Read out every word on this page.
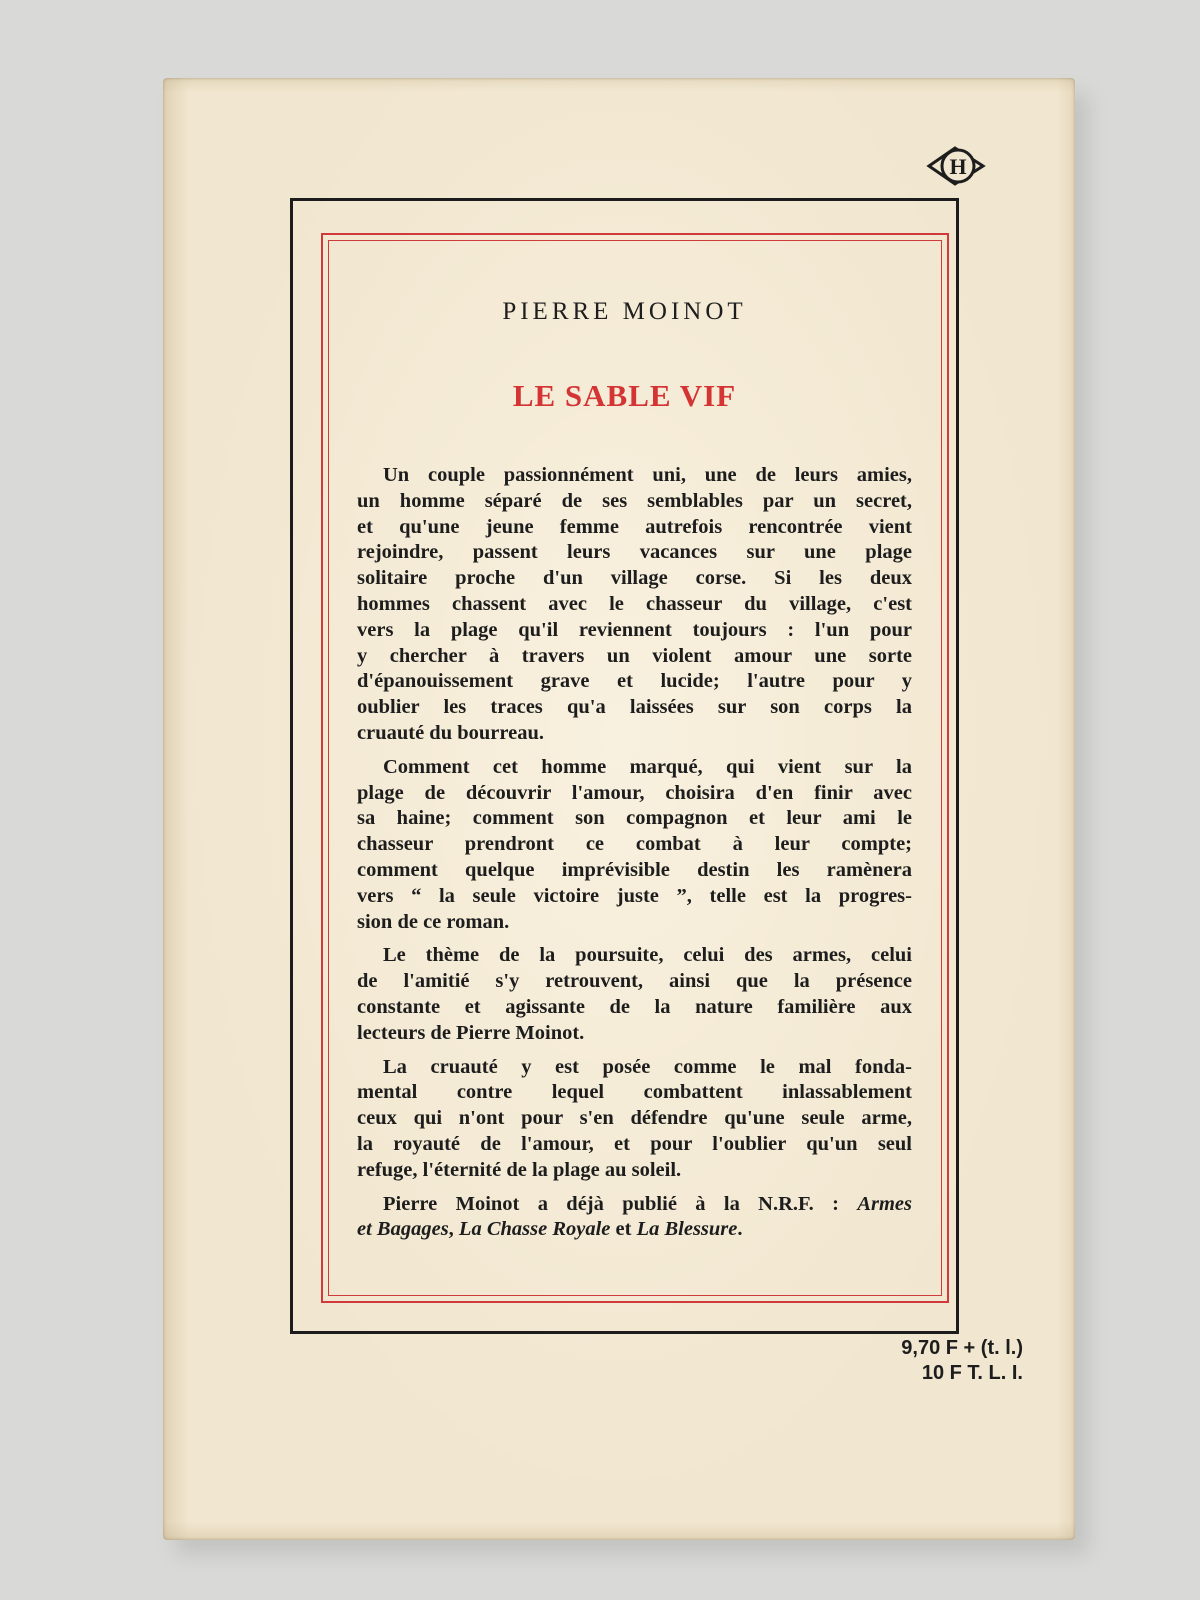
H
PIERRE MOINOT
LE SABLE VIF

Un couple passionnément uni, une de leurs amies,
un homme séparé de ses semblables par un secret,
et qu'une jeune femme autrefois rencontrée vient
rejoindre, passent leurs vacances sur une plage
solitaire proche d'un village corse. Si les deux
hommes chassent avec le chasseur du village, c'est
vers la plage qu'il reviennent toujours : l'un pour
y chercher à travers un violent amour une sorte
d'épanouissement grave et lucide; l'autre pour y
oublier les traces qu'a laissées sur son corps la
cruauté du bourreau.

Comment cet homme marqué, qui vient sur la
plage de découvrir l'amour, choisira d'en finir avec
sa haine; comment son compagnon et leur ami le
chasseur prendront ce combat à leur compte;
comment quelque imprévisible destin les ramènera
vers “ la seule victoire juste ”, telle est la progres-
sion de ce roman.

Le thème de la poursuite, celui des armes, celui
de l'amitié s'y retrouvent, ainsi que la présence
constante et agissante de la nature familière aux
lecteurs de Pierre Moinot.

La cruauté y est posée comme le mal fonda-
mental contre lequel combattent inlassablement
ceux qui n'ont pour s'en défendre qu'une seule arme,
la royauté de l'amour, et pour l'oublier qu'un seul
refuge, l'éternité de la plage au soleil.

Pierre Moinot a déjà publié à la N.R.F. : Armes
et Bagages, La Chasse Royale et La Blessure.

9,70 F + (t. l.)
10 F T. L. I.
